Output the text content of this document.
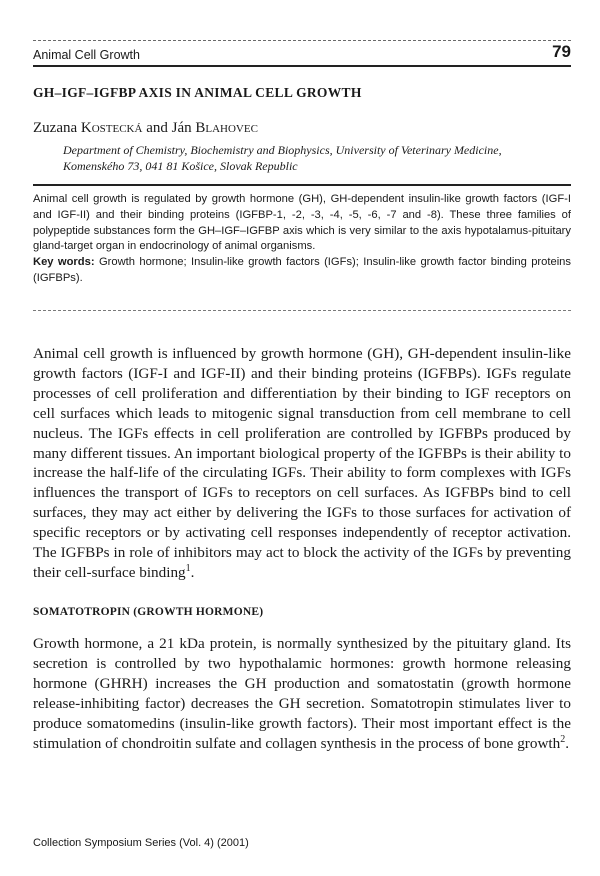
Animal Cell Growth	79
GH–IGF–IGFBP AXIS IN ANIMAL CELL GROWTH
Zuzana Kostecká and Ján Blahovec
Department of Chemistry, Biochemistry and Biophysics, University of Veterinary Medicine, Komenského 73, 041 81 Košice, Slovak Republic

Animal cell growth is regulated by growth hormone (GH), GH-dependent insulin-like growth factors (IGF-I and IGF-II) and their binding proteins (IGFBP-1, -2, -3, -4, -5, -6, -7 and -8). These three families of polypeptide substances form the GH–IGF–IGFBP axis which is very similar to the axis hypotalamus-pituitary gland-target organ in endocrinology of animal organisms.

Key words: Growth hormone; Insulin-like growth factors (IGFs); Insulin-like growth factor binding proteins (IGFBPs).

Animal cell growth is influenced by growth hormone (GH), GH-dependent insulin-like growth factors (IGF-I and IGF-II) and their binding proteins (IGFBPs). IGFs regulate processes of cell proliferation and differentiation by their binding to IGF receptors on cell surfaces which leads to mitogenic signal transduction from cell membrane to cell nucleus. The IGFs effects in cell proliferation are controlled by IGFBPs produced by many different tissues. An important biological property of the IGFBPs is their ability to increase the half-life of the circulating IGFs. Their ability to form complexes with IGFs influences the transport of IGFs to receptors on cell surfaces. As IGFBPs bind to cell surfaces, they may act either by delivering the IGFs to those surfaces for activation of specific receptors or by activating cell responses independently of receptor activation. The IGFBPs in role of inhibitors may act to block the activity of the IGFs by preventing their cell-surface binding$^1$.

SOMATOTROPIN (GROWTH HORMONE)

Growth hormone, a 21 kDa protein, is normally synthesized by the pituitary gland. Its secretion is controlled by two hypothalamic hormones: growth hormone releasing hormone (GHRH) increases the GH production and somatostatin (growth hormone release-inhibiting factor) decreases the GH secretion. Somatotropin stimulates liver to produce somatomedins (insulin-like growth factors). Their most important effect is the stimulation of chondroitin sulfate and collagen synthesis in the process of bone growth$^2$.

Collection Symposium Series (Vol. 4) (2001)
